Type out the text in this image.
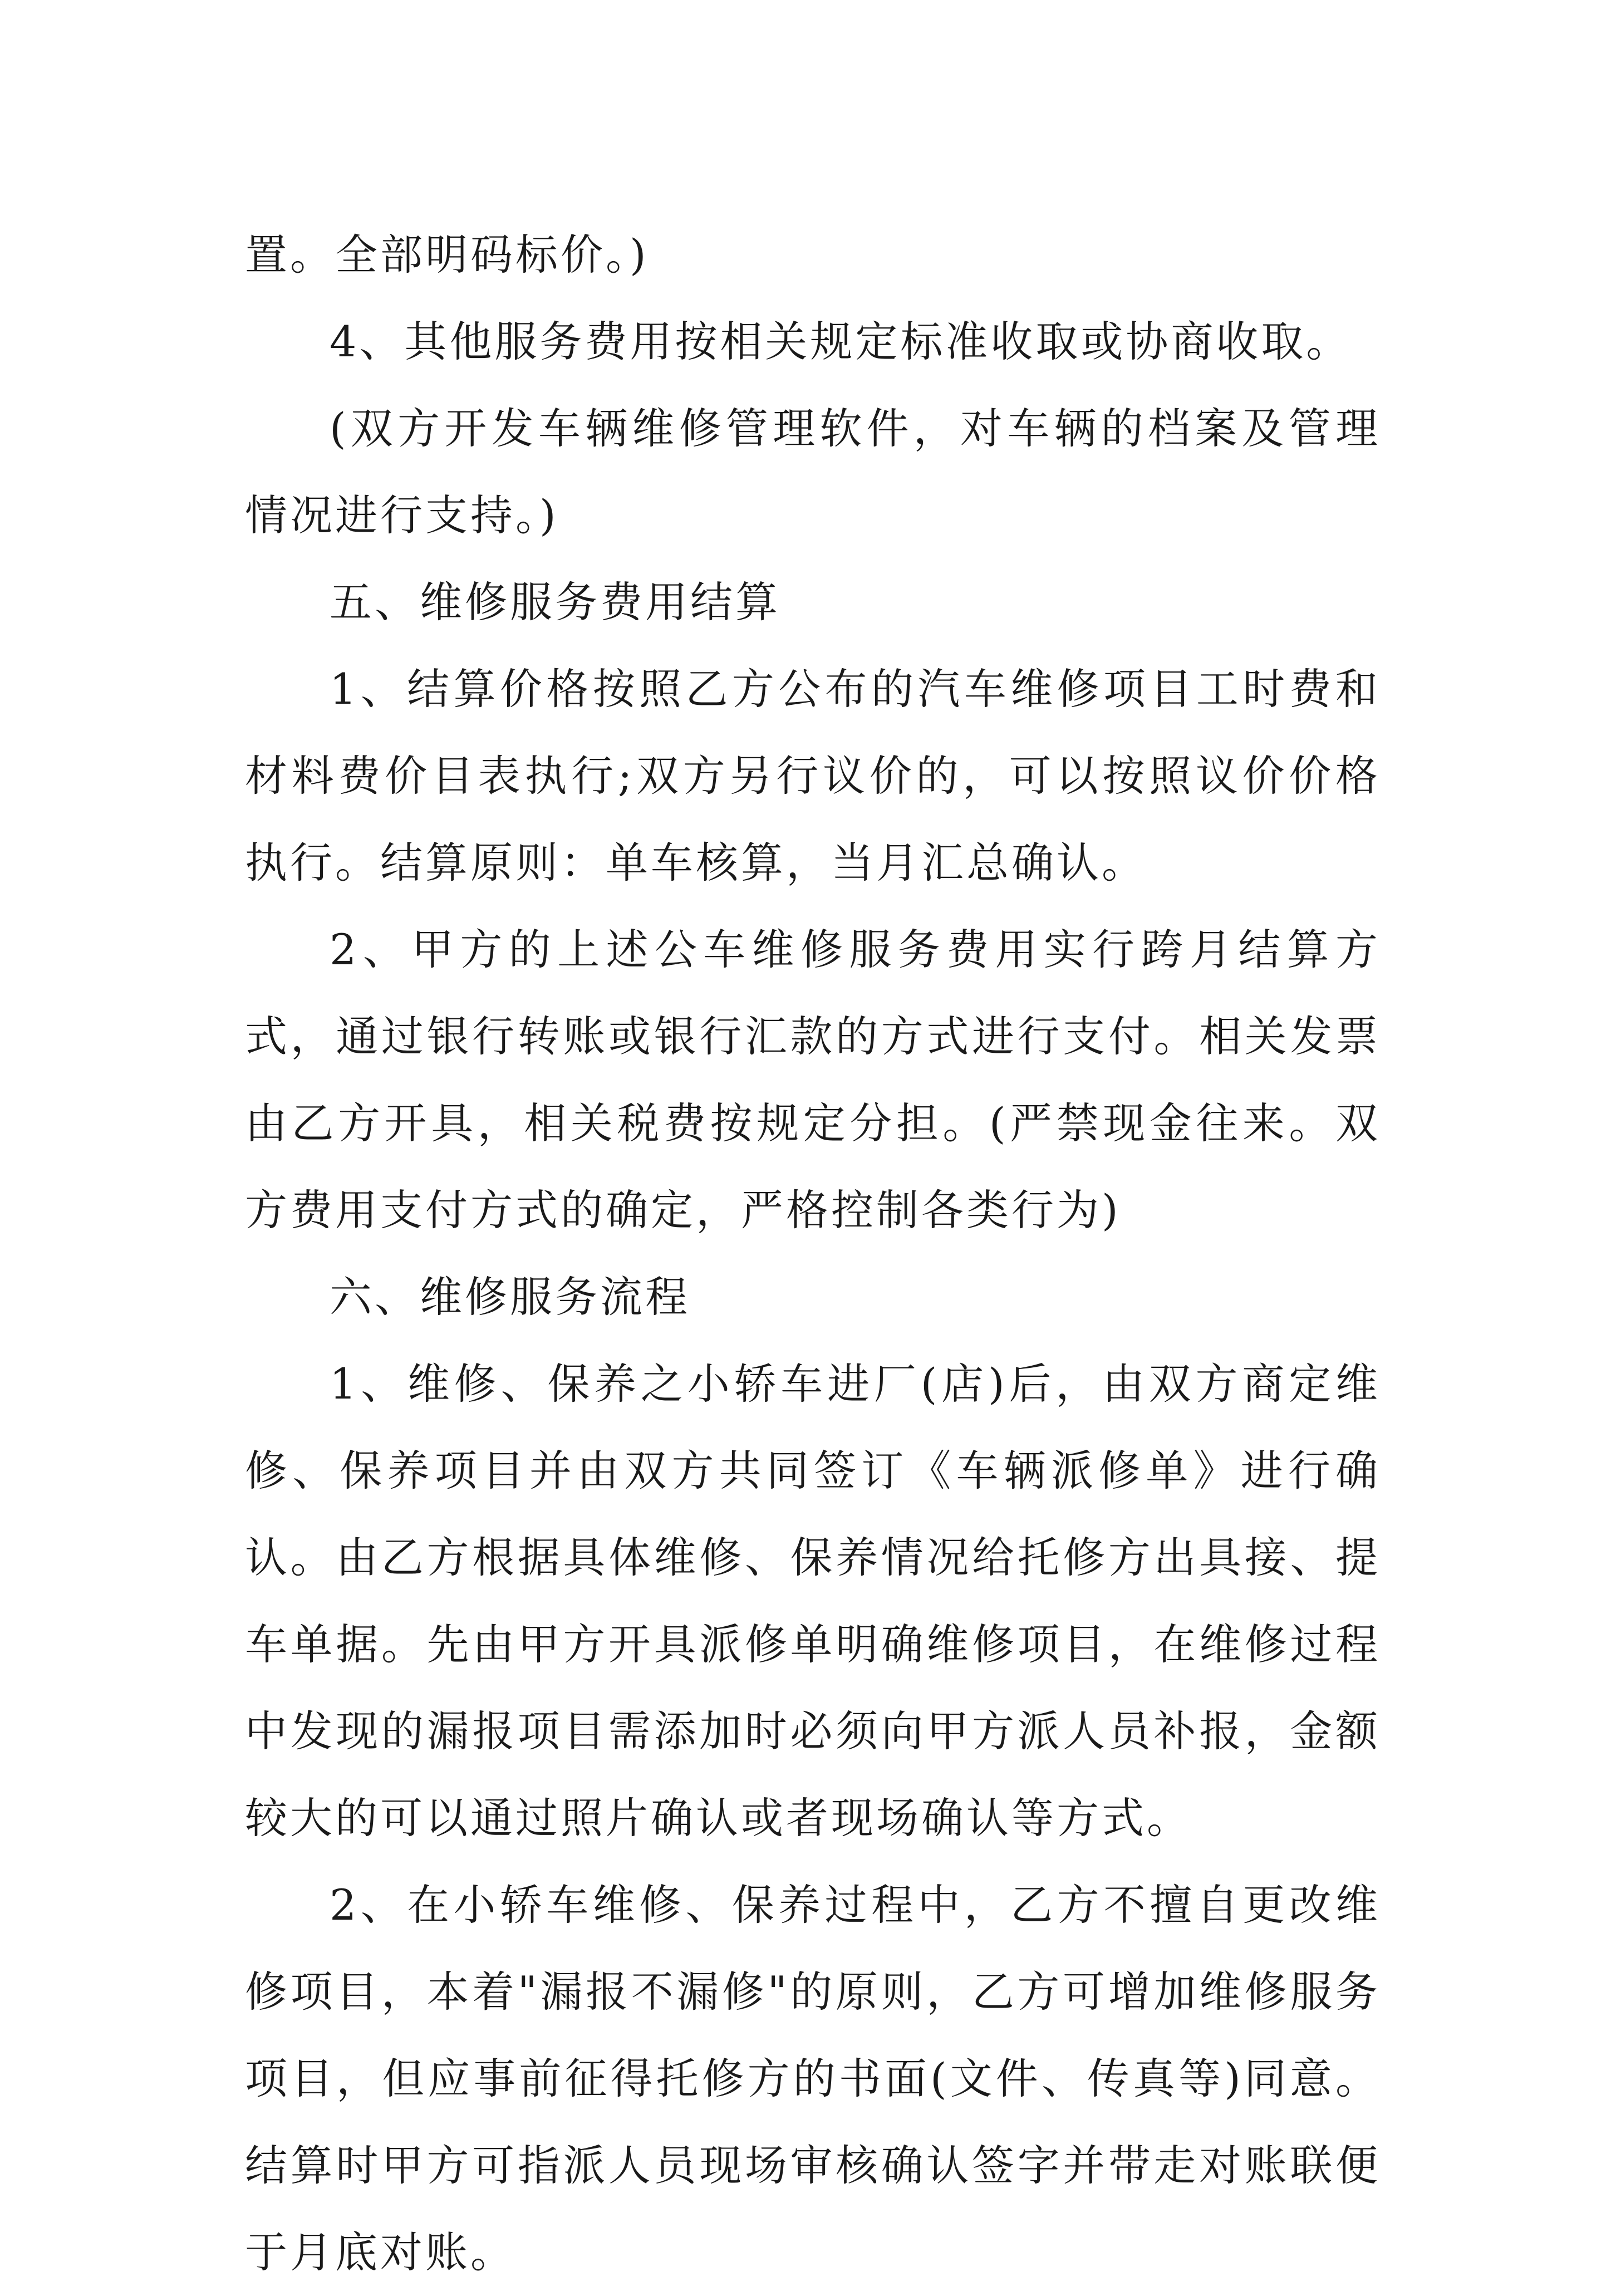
置。全部明码标价。)

4、其他服务费用按相关规定标准收取或协商收取。

(双方开发车辆维修管理软件，对车辆的档案及管理情况进行支持。)

五、维修服务费用结算

1、结算价格按照乙方公布的汽车维修项目工时费和材料费价目表执行;双方另行议价的，可以按照议价价格执行。结算原则：单车核算，当月汇总确认。

2、甲方的上述公车维修服务费用实行跨月结算方式，通过银行转账或银行汇款的方式进行支付。相关发票由乙方开具，相关税费按规定分担。(严禁现金往来。双方费用支付方式的确定，严格控制各类行为)

六、维修服务流程

1、维修、保养之小轿车进厂(店)后，由双方商定维修、保养项目并由双方共同签订《车辆派修单》进行确认。由乙方根据具体维修、保养情况给托修方出具接、提车单据。先由甲方开具派修单明确维修项目，在维修过程中发现的漏报项目需添加时必须向甲方派人员补报，金额较大的可以通过照片确认或者现场确认等方式。

2、在小轿车维修、保养过程中，乙方不擅自更改维修项目，本着"漏报不漏修"的原则，乙方可增加维修服务项目，但应事前征得托修方的书面(文件、传真等)同意。结算时甲方可指派人员现场审核确认签字并带走对账联便于月底对账。
